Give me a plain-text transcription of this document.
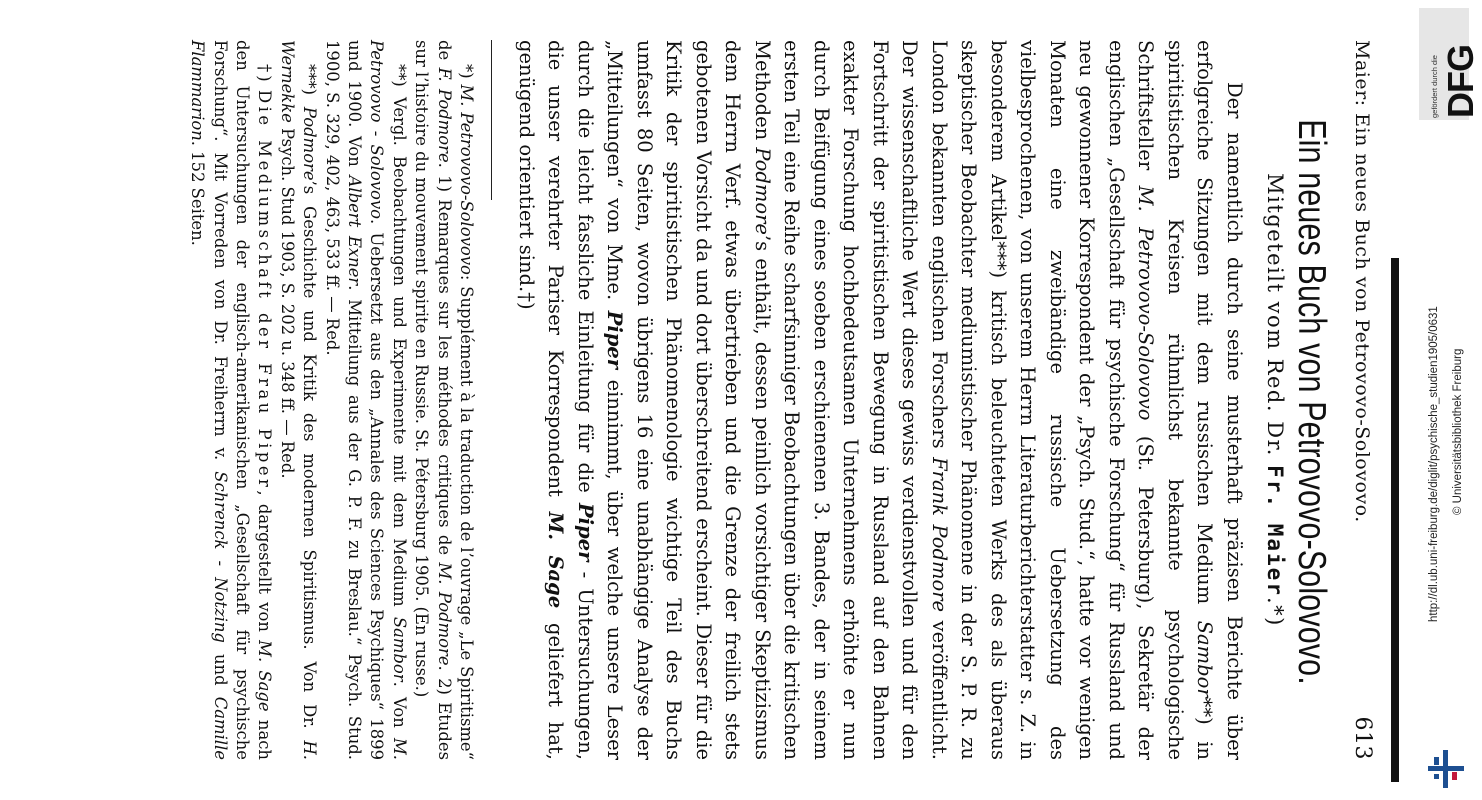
Maier: Ein neues Buch von Petrovovo-Solovovo.
613
Ein neues Buch von Petrovovo-Solovovo.
Mitgeteilt vom Red. Dr. Fr. Maier.*)

Der namentlich durch seine musterhaft präzisen Berichte über erfolgreiche Sitzungen mit dem russischen Medium Sambor**) in spiritistischen Kreisen rühmlichst bekannte psychologische Schriftsteller M. Petrovovo-Solovovo (St. Petersburg), Sekretär der englischen „Gesellschaft für psychische Forschung“ für Russland und neu gewonnener Korrespondent der „Psych. Stud.“, hatte vor wenigen Monaten eine zweibändige russische Uebersetzung des vielbesprochenen, von unserem Herrn Literaturberichterstatter s. Z. in besonderem Artikel***) kritisch beleuchteten Werks des als überaus skeptischer Beobachter mediumistischer Phänomene in der S. P. R. zu London bekannten englischen Forschers Frank Podmore veröffentlicht. Der wissenschaftliche Wert dieses gewiss verdienstvollen und für den Fortschritt der spiritistischen Bewegung in Russland auf den Bahnen exakter Forschung hochbedeutsamen Unternehmens erhöhte er nun durch Beifügung eines soeben erschienenen 3. Bandes, der in seinem ersten Teil eine Reihe scharfsinniger Beobachtungen über die kritischen Methoden Podmore’s enthält, dessen peinlich vorsichtiger Skeptizismus dem Herrn Verf. etwas übertrieben und die Grenze der freilich stets gebotenen Vorsicht da und dort überschreitend erscheint. Dieser für die Kritik der spiritistischen Phänomenologie wichtige Teil des Buchs umfasst 80 Seiten, wovon übrigens 16 eine unabhängige Analyse der „Mitteilungen“ von Mme. Piper einnimmt, über welche unsere Leser durch die leicht fassliche Einleitung für die Piper - Untersuchungen, die unser verehrter Pariser Korrespondent M. Sage geliefert hat, genügend orientiert sind.†)

*) M. Petrovovo-Solovovo: Supplément à la traduction de l’ouvrage „Le Spiritisme“ de F. Podmore. 1) Remarques sur les méthodes critiques de M. Podmore. 2) Etudes sur l’histoire du mouvement spirite en Russie. St. Pétersburg 1905. (En russe.)

**) Vergl. Beobachtungen und Experimente mit dem Medium Sambor. Von M. Petrovovo - Solovovo. Uebersetzt aus den „Annales des Sciences Psychiques“ 1899 und 1900. Von Albert Exner. Mitteilung aus der G. P. F. zu Breslau.“ Psych. Stud. 1900, S. 329, 402, 463, 533 ff. — Red.

***) Podmore’s Geschichte und Kritik des modernen Spiritismus. Von Dr. H. Wernekke Psych. Stud 1903, S. 202 u. 348 ff. — Red.

†) Die Mediumschaft der Frau Piper, dargestellt von M. Sage nach den Untersuchungen der englisch-amerikanischen „Gesellschaft für psychische Forschung“. Mit Vorreden von Dr. Freiherrn v. Schrenck - Notzing und Camille Flammarion. 152 Seiten.

gefördert durch die DFG
http://dl.ub.uni-freiburg.de/diglit/psychische_studien1905/0631 © Universitätsbibliothek Freiburg
